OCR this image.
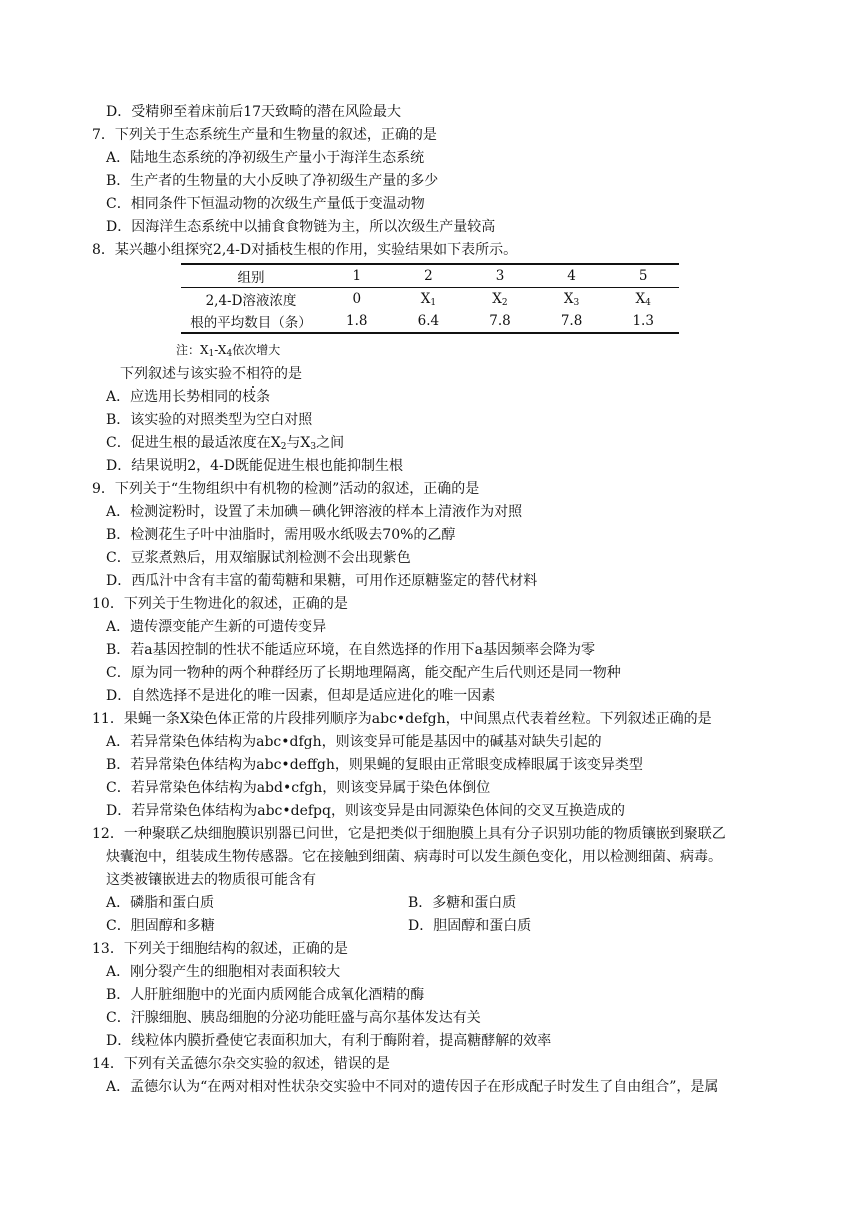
D．受精卵至着床前后17天致畸的潜在风险最大
7．下列关于生态系统生产量和生物量的叙述，正确的是
A．陆地生态系统的净初级生产量小于海洋生态系统
B．生产者的生物量的大小反映了净初级生产量的多少
C．相同条件下恒温动物的次级生产量低于变温动物
D．因海洋生态系统中以捕食食物链为主，所以次级生产量较高
8．某兴趣小组探究2,4-D对插枝生根的作用，实验结果如下表所示。
组别	1	2	3	4	5
2,4-D溶液浓度	0	$X_1$	$X_2$	$X_3$	$X_4$
根的平均数目（条）	1.8	6.4	7.8	7.8	1.3
注：$X_1-X_4$依次增大
下列叙述与该实验不相符的是
A．应选用长势相同的枝条
B．该实验的对照类型为空白对照
C．促进生根的最适浓度在$X_2$与$X_3$之间
D．结果说明2，4-D既能促进生根也能抑制生根
9．下列关于“生物组织中有机物的检测”活动的叙述，正确的是
A．检测淀粉时，设置了未加碘－碘化钾溶液的样本上清液作为对照
B．检测花生子叶中油脂时，需用吸水纸吸去70%的乙醇
C．豆浆煮熟后，用双缩脲试剂检测不会出现紫色
D．西瓜汁中含有丰富的葡萄糖和果糖，可用作还原糖鉴定的替代材料
10．下列关于生物进化的叙述，正确的是
A．遗传漂变能产生新的可遗传变异
B．若a基因控制的性状不能适应环境，在自然选择的作用下a基因频率会降为零
C．原为同一物种的两个种群经历了长期地理隔离，能交配产生后代则还是同一物种
D．自然选择不是进化的唯一因素，但却是适应进化的唯一因素
11．果蝇一条X染色体正常的片段排列顺序为abc•defgh，中间黑点代表着丝粒。下列叙述正确的是
A．若异常染色体结构为abc•dfgh，则该变异可能是基因中的碱基对缺失引起的
B．若异常染色体结构为abc•deffgh，则果蝇的复眼由正常眼变成棒眼属于该变异类型
C．若异常染色体结构为abd•cfgh，则该变异属于染色体倒位
D．若异常染色体结构为abc•defpq，则该变异是由同源染色体间的交叉互换造成的
12．一种聚联乙炔细胞膜识别器已问世，它是把类似于细胞膜上具有分子识别功能的物质镶嵌到聚联乙
炔囊泡中，组装成生物传感器。它在接触到细菌、病毒时可以发生颜色变化，用以检测细菌、病毒。
这类被镶嵌进去的物质很可能含有
A．磷脂和蛋白质	B．多糖和蛋白质
C．胆固醇和多糖	D．胆固醇和蛋白质
13．下列关于细胞结构的叙述，正确的是
A．刚分裂产生的细胞相对表面积较大
B．人肝脏细胞中的光面内质网能合成氧化酒精的酶
C．汗腺细胞、胰岛细胞的分泌功能旺盛与高尔基体发达有关
D．线粒体内膜折叠使它表面积加大，有利于酶附着，提高糖酵解的效率
14．下列有关孟德尔杂交实验的叙述，错误的是
A．孟德尔认为“在两对相对性状杂交实验中不同对的遗传因子在形成配子时发生了自由组合”，是属
